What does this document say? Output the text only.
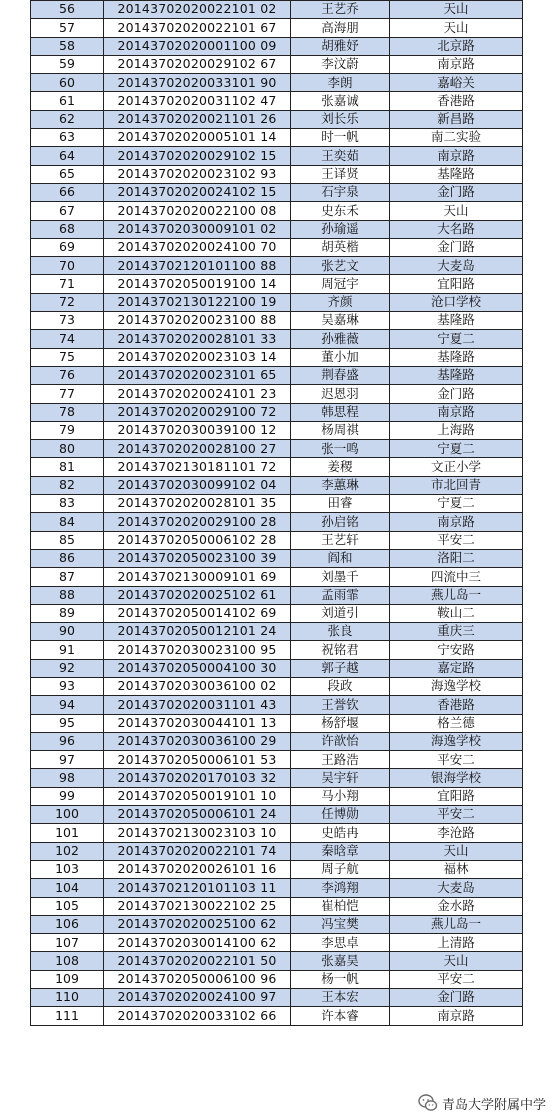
56	20143702020022101 02	王艺乔	天山
57	20143702020022101 67	高海朋	天山
58	20143702020001100 09	胡雅妤	北京路
59	20143702020029102 67	李汶蔚	南京路
60	20143702020033101 90	李朗	嘉峪关
61	20143702020031102 47	张嘉诚	香港路
62	20143702020021101 26	刘长乐	新昌路
63	20143702020005101 14	时一帆	南二实验
64	20143702020029102 15	王奕茹	南京路
65	20143702020023102 93	王译贤	基隆路
66	20143702020024102 15	石宇泉	金门路
67	20143702020022100 08	史东禾	天山
68	20143702030009101 02	孙瑜遥	大名路
69	20143702020024100 70	胡英楷	金门路
70	20143702120101100 88	张艺文	大麦岛
71	20143702050019100 14	周冠宇	宜阳路
72	20143702130122100 19	齐颜	沧口学校
73	20143702020023100 88	吴嘉琳	基隆路
74	20143702020028101 33	孙雅薇	宁夏二
75	20143702020023103 14	董小加	基隆路
76	20143702020023101 65	荆春盛	基隆路
77	20143702020024101 23	迟恩羽	金门路
78	20143702020029100 72	韩思程	南京路
79	20143702030039100 12	杨周祺	上海路
80	20143702020028100 27	张一鸣	宁夏二
81	20143702130181101 72	姜稷	文正小学
82	20143702030099102 04	李蕙琳	市北回青
83	20143702020028101 35	田睿	宁夏二
84	20143702020029100 28	孙启铭	南京路
85	20143702050006102 28	王艺轩	平安二
86	20143702050023100 39	阎和	洛阳二
87	20143702130009101 69	刘墨千	四流中三
88	20143702020025102 61	孟雨霏	燕儿岛一
89	20143702050014102 69	刘道引	鞍山二
90	20143702050012101 24	张良	重庆三
91	20143702030023100 95	祝铭君	宁安路
92	20143702050004100 30	郭子越	嘉定路
93	20143702030036100 02	段政	海逸学校
94	20143702020031101 43	王誉钦	香港路
95	20143702030044101 13	杨舒堰	格兰德
96	20143702030036100 29	许歆怡	海逸学校
97	20143702050006101 53	王路浩	平安二
98	20143702020170103 32	吴宇轩	银海学校
99	20143702050019101 10	马小翔	宜阳路
100	20143702050006101 24	任博勋	平安二
101	20143702130023103 10	史皓冉	李沧路
102	20143702020022101 74	秦晗章	天山
103	20143702020026101 16	周子航	福林
104	20143702120101103 11	李鸿翔	大麦岛
105	20143702130022102 25	崔柏恺	金水路
106	20143702020025100 62	冯宝樊	燕儿岛一
107	20143702030014100 62	李思卓	上清路
108	20143702020022101 50	张嘉昊	天山
109	20143702050006100 96	杨一帆	平安二
110	20143702020024100 97	王本宏	金门路
111	20143702020033102 66	许本睿	南京路
青岛大学附属中学
